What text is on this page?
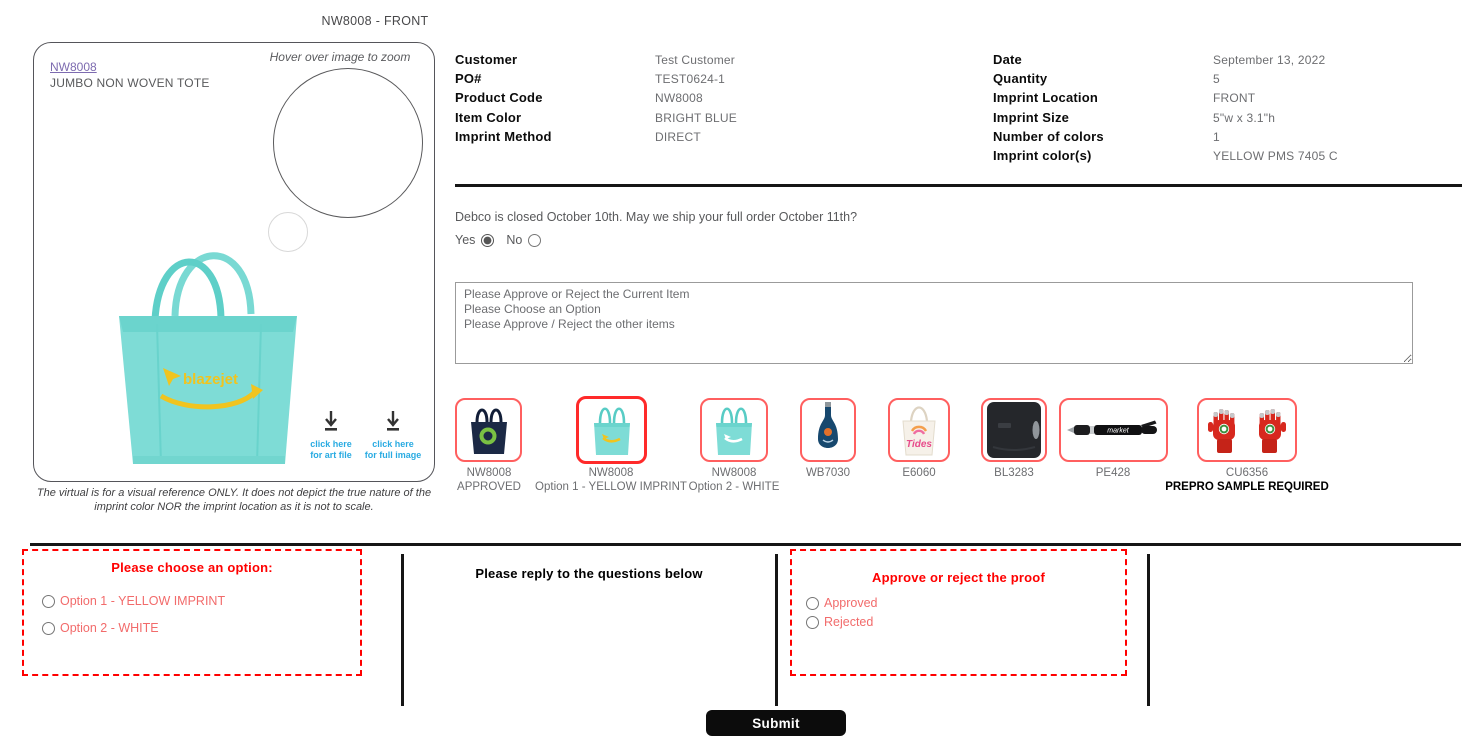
NW8008 - FRONT
NW8008
JUMBO NON WOVEN TOTE
Hover over image to zoom
blazejet
click here
for art file
click here
for full image
The virtual is for a visual reference ONLY. It does not depict the true nature of the imprint color NOR the imprint location as it is not to scale.
Customer	Test Customer
PO#	TEST0624-1
Product Code	NW8008
Item Color	BRIGHT BLUE
Imprint Method	DIRECT
Date	September 13, 2022
Quantity	5
Imprint Location	FRONT
Imprint Size	5"w x 3.1"h
Number of colors	1
Imprint color(s)	YELLOW PMS 7405 C
Debco is closed October 10th. May we ship your full order October 11th?
Yes No
Please Approve or Reject the Current Item Please Choose an Option Please Approve / Reject the other items
Tides
market
NW8008
APPROVED
NW8008
Option 1 - YELLOW IMPRINT
NW8008
Option 2 - WHITE
WB7030	E6060	BL3283	PE428	CU6356
PREPRO SAMPLE REQUIRED
Please choose an option:
Option 1 - YELLOW IMPRINT
Option 2 - WHITE
Please reply to the questions below	Approve or reject the proof
Approved
Rejected
Submit
